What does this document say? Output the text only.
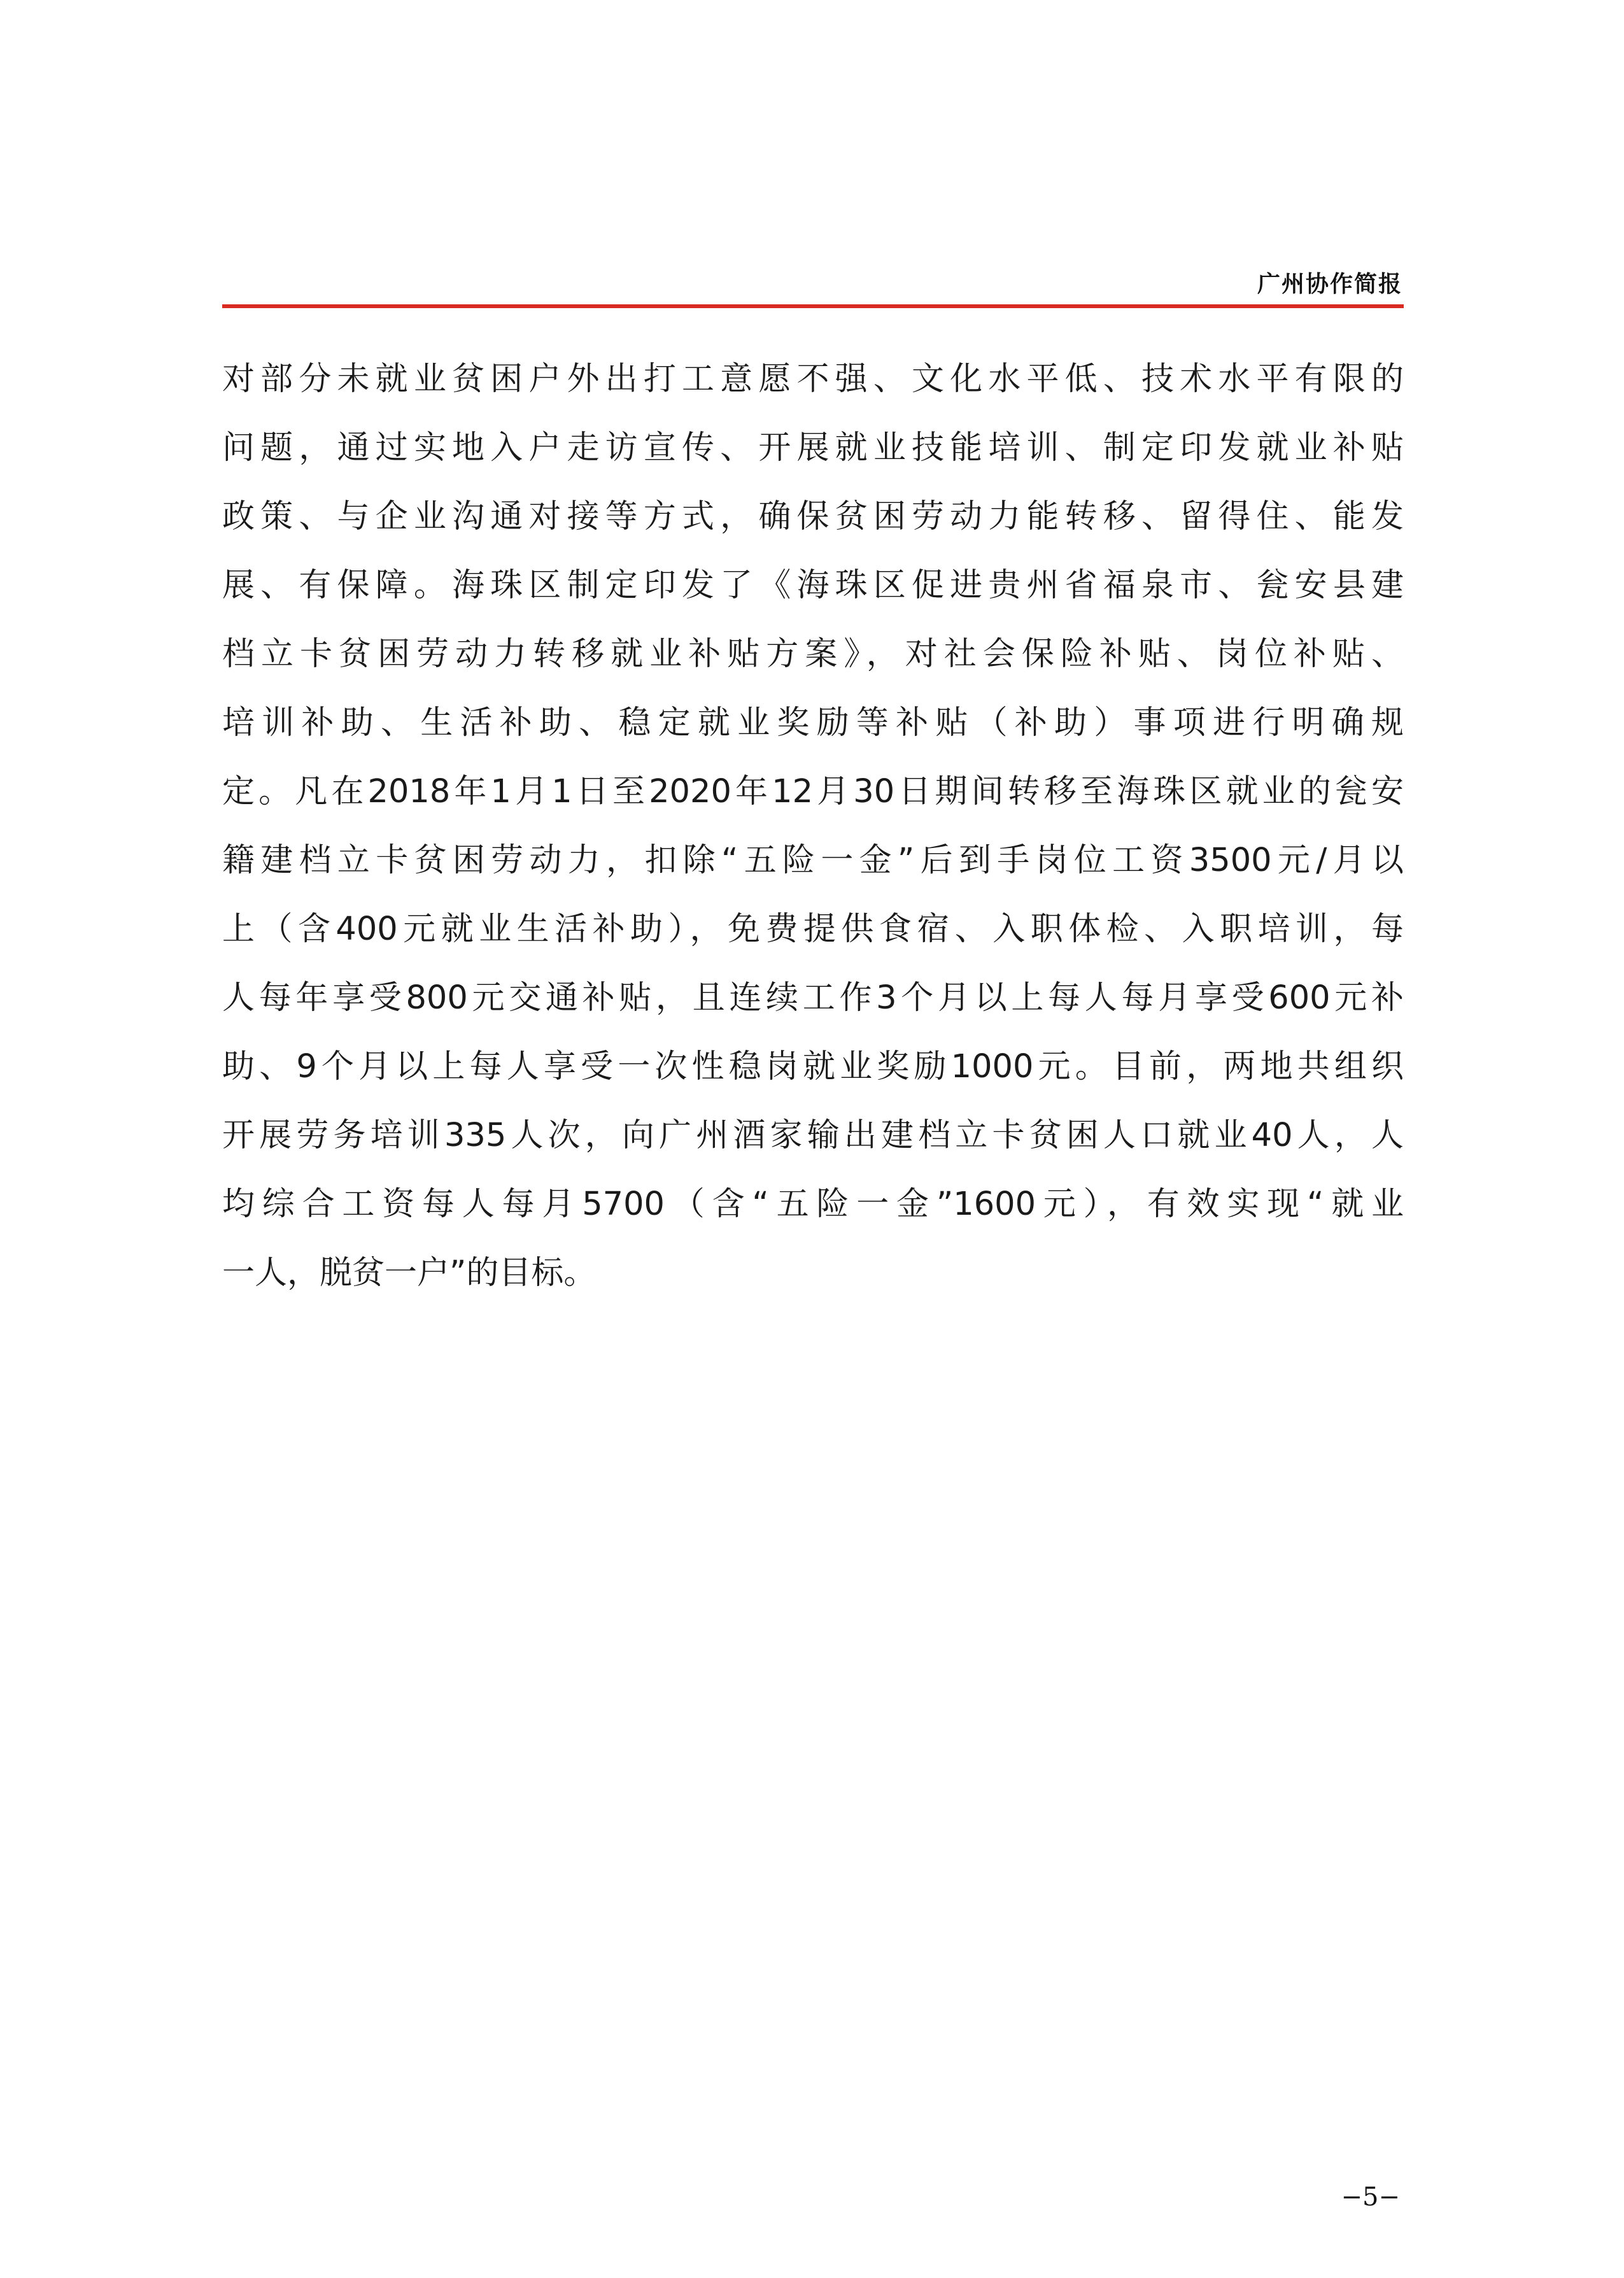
广州协作简报
对部分未就业贫困户外出打工意愿不强、文化水平低、技术水平有限的
问题，通过实地入户走访宣传、开展就业技能培训、制定印发就业补贴
政策、与企业沟通对接等方式，确保贫困劳动力能转移、留得住、能发
展、有保障。海珠区制定印发了《海珠区促进贵州省福泉市、瓮安县建
档立卡贫困劳动力转移就业补贴方案》，对社会保险补贴、岗位补贴、
培训补助、生活补助、稳定就业奖励等补贴（补助）事项进行明确规
定。凡在2018年1月1日至2020年12月30日期间转移至海珠区就业的瓮安
籍建档立卡贫困劳动力，扣除“五险一金”后到手岗位工资3500元/月以
上（含400元就业生活补助），免费提供食宿、入职体检、入职培训，每
人每年享受800元交通补贴，且连续工作3个月以上每人每月享受600元补
助、9个月以上每人享受一次性稳岗就业奖励1000元。目前，两地共组织
开展劳务培训335人次，向广州酒家输出建档立卡贫困人口就业40人，人
均综合工资每人每月5700（含“五险一金”1600元），有效实现“就业
一人，脱贫一户”的目标。
−5−
